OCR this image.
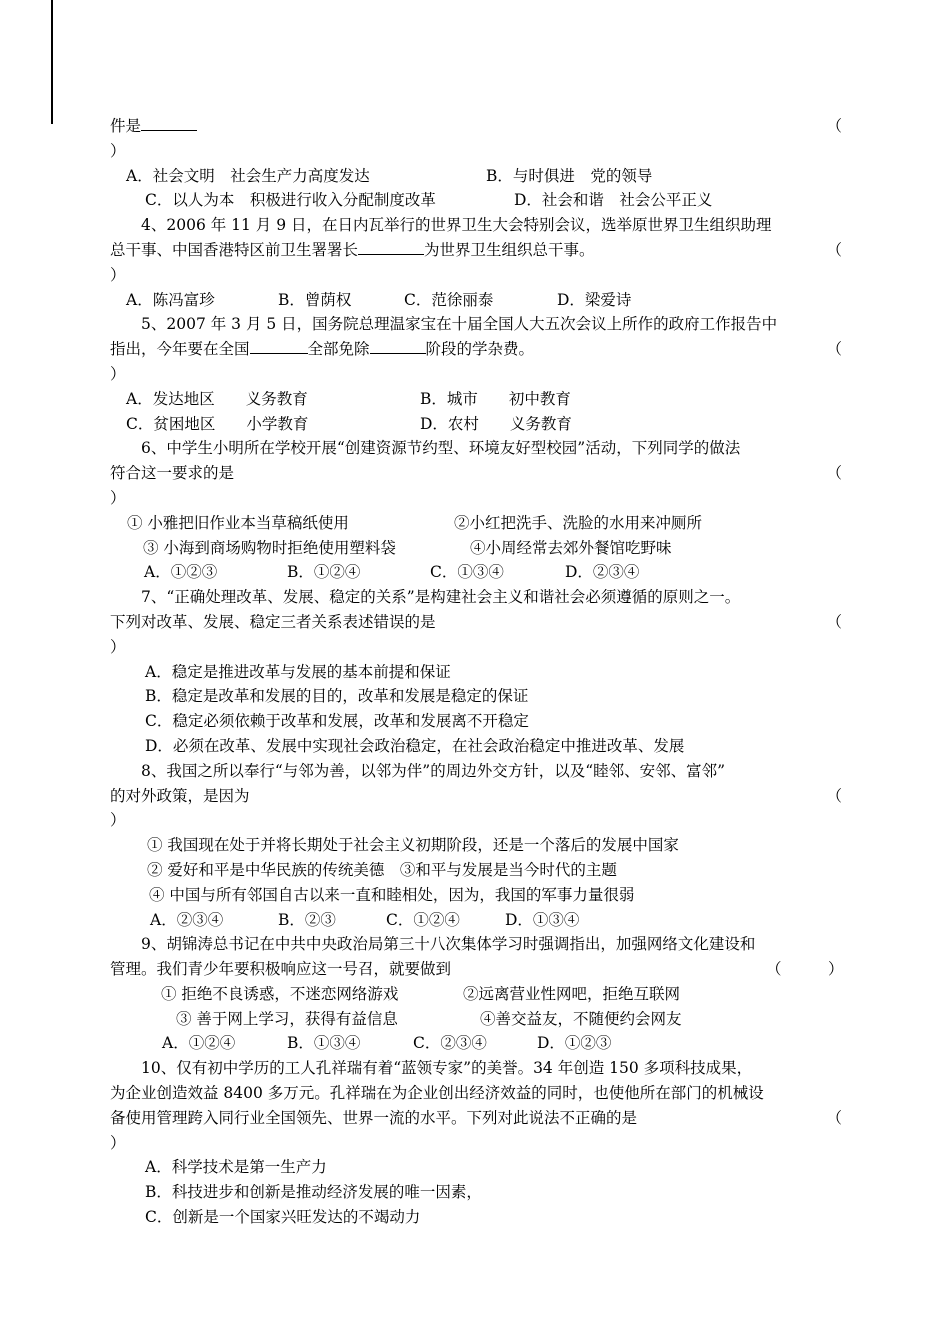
件是	（
）
A．社会文明　社会生产力高度发达	B．与时俱进　党的领导
C．以人为本　积极进行收入分配制度改革	D．社会和谐　社会公平正义
4、2006 年 11 月 9 日，在日内瓦举行的世界卫生大会特别会议，选举原世界卫生组织助理
总干事、中国香港特区前卫生署署长	为世界卫生组织总干事。	（
）
A．陈冯富珍	B．曾荫权	C．范徐丽泰	D．梁爱诗
5、2007 年 3 月 5 日，国务院总理温家宝在十届全国人大五次会议上所作的政府工作报告中
指出，今年要在全国	全部免除	阶段的学杂费。	（
）
A．发达地区　　义务教育	B．城市　　初中教育
C．贫困地区　　小学教育	D．农村　　义务教育
6、中学生小明所在学校开展“创建资源节约型、环境友好型校园”活动，下列同学的做法
符合这一要求的是	（
）
① 小雅把旧作业本当草稿纸使用	②小红把洗手、洗脸的水用来冲厕所
③ 小海到商场购物时拒绝使用塑料袋	④小周经常去郊外餐馆吃野味
A．①②③	B．①②④	C．①③④	D．②③④
7、“正确处理改革、发展、稳定的关系”是构建社会主义和谐社会必须遵循的原则之一。
下列对改革、发展、稳定三者关系表述错误的是	（
）
A．稳定是推进改革与发展的基本前提和保证
B．稳定是改革和发展的目的，改革和发展是稳定的保证
C．稳定必须依赖于改革和发展，改革和发展离不开稳定
D．必须在改革、发展中实现社会政治稳定，在社会政治稳定中推进改革、发展
8、我国之所以奉行“与邻为善，以邻为伴”的周边外交方针，以及“睦邻、安邻、富邻”
的对外政策，是因为	（
）
① 我国现在处于并将长期处于社会主义初期阶段，还是一个落后的发展中国家
② 爱好和平是中华民族的传统美德　③和平与发展是当今时代的主题
④ 中国与所有邻国自古以来一直和睦相处，因为，我国的军事力量很弱
A．②③④	B．②③	C．①②④	D．①③④
9、胡锦涛总书记在中共中央政治局第三十八次集体学习时强调指出，加强网络文化建设和
管理。我们青少年要积极响应这一号召，就要做到	（　　　）
① 拒绝不良诱惑，不迷恋网络游戏	②远离营业性网吧，拒绝互联网
③ 善于网上学习，获得有益信息	④善交益友，不随便约会网友
A．①②④	B．①③④	C．②③④	D．①②③
10、仅有初中学历的工人孔祥瑞有着“蓝领专家”的美誉。34 年创造 150 多项科技成果，
为企业创造效益 8400 多万元。孔祥瑞在为企业创出经济效益的同时，也使他所在部门的机械设
备使用管理跨入同行业全国领先、世界一流的水平。下列对此说法不正确的是	（
）
A．科学技术是第一生产力
B．科技进步和创新是推动经济发展的唯一因素，
C．创新是一个国家兴旺发达的不竭动力
